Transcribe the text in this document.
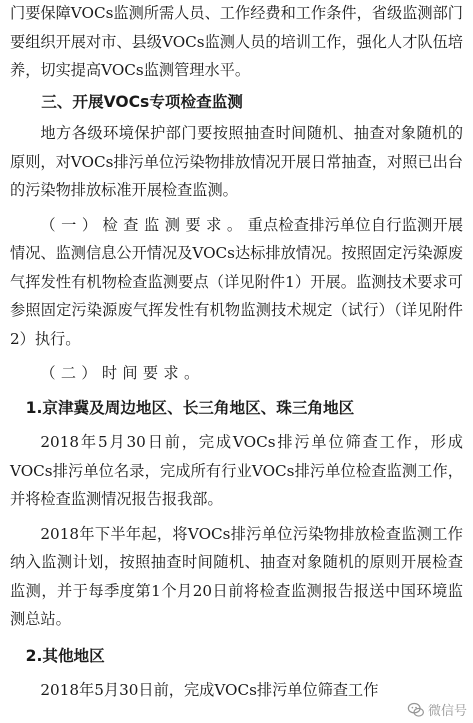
门要保障VOCs监测所需人员、工作经费和工作条件，省级监测部门要组织开展对市、县级VOCs监测人员的培训工作，强化人才队伍培养，切实提高VOCs监测管理水平。

三、开展VOCs专项检查监测

地方各级环境保护部门要按照抽查时间随机、抽查对象随机的原则，对VOCs排污单位污染物排放情况开展日常抽查，对照已出台的污染物排放标准开展检查监测。

（一）检查监测要求。重点检查排污单位自行监测开展情况、监测信息公开情况及VOCs达标排放情况。按照固定污染源废气挥发性有机物检查监测要点（详见附件1）开展。监测技术要求可参照固定污染源废气挥发性有机物监测技术规定（试行）（详见附件2）执行。

（二）时间要求。

1.京津冀及周边地区、长三角地区、珠三角地区

2018年5月30日前，完成VOCs排污单位筛查工作，形成VOCs排污单位名录，完成所有行业VOCs排污单位检查监测工作，并将检查监测情况报告报我部。

2018年下半年起，将VOCs排污单位污染物排放检查监测工作纳入监测计划，按照抽查时间随机、抽查对象随机的原则开展检查监测，并于每季度第1个月20日前将检查监测报告报送中国环境监测总站。

2.其他地区

2018年5月30日前，完成VOCs排污单位筛查工作

微信号
